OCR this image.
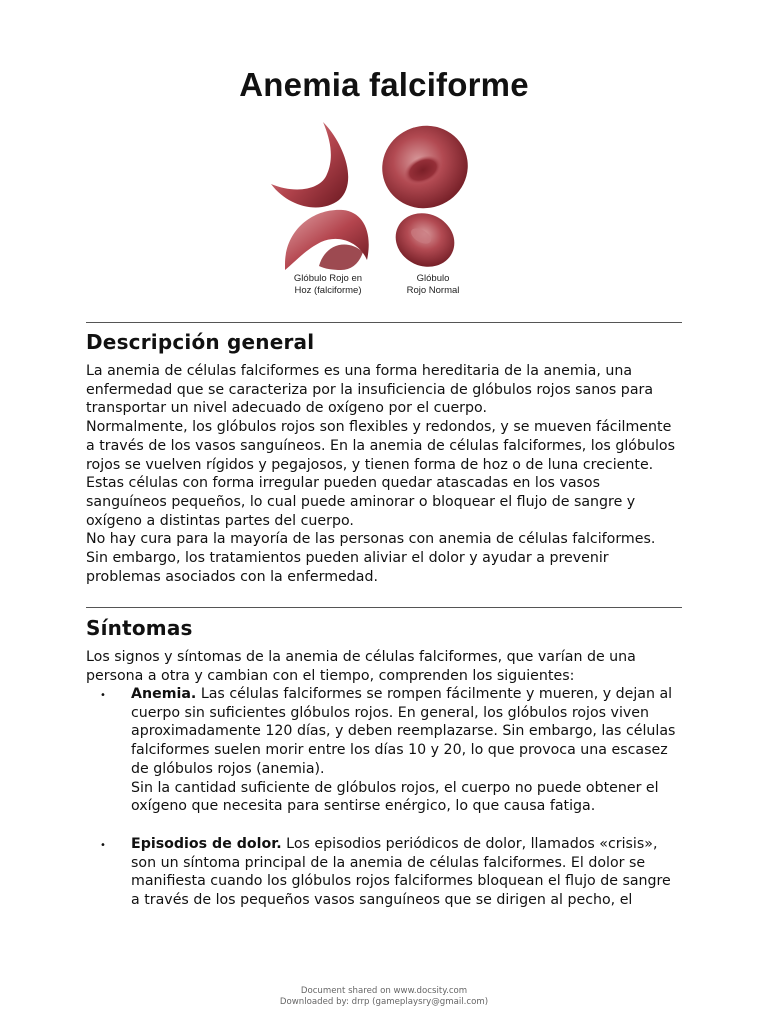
Anemia falciforme
Glóbulo Rojo en
Hoz (falciforme)
Glóbulo
Rojo Normal
Descripción general
La anemia de células falciformes es una forma hereditaria de la anemia, una
enfermedad que se caracteriza por la insuficiencia de glóbulos rojos sanos para
transportar un nivel adecuado de oxígeno por el cuerpo.
Normalmente, los glóbulos rojos son flexibles y redondos, y se mueven fácilmente
a través de los vasos sanguíneos. En la anemia de células falciformes, los glóbulos
rojos se vuelven rígidos y pegajosos, y tienen forma de hoz o de luna creciente.
Estas células con forma irregular pueden quedar atascadas en los vasos
sanguíneos pequeños, lo cual puede aminorar o bloquear el flujo de sangre y
oxígeno a distintas partes del cuerpo.
No hay cura para la mayoría de las personas con anemia de células falciformes.
Sin embargo, los tratamientos pueden aliviar el dolor y ayudar a prevenir
problemas asociados con la enfermedad.
Síntomas
Los signos y síntomas de la anemia de células falciformes, que varían de una
persona a otra y cambian con el tiempo, comprenden los siguientes:
• Anemia. Las células falciformes se rompen fácilmente y mueren, y dejan al
cuerpo sin suficientes glóbulos rojos. En general, los glóbulos rojos viven
aproximadamente 120 días, y deben reemplazarse. Sin embargo, las células
falciformes suelen morir entre los días 10 y 20, lo que provoca una escasez
de glóbulos rojos (anemia).
Sin la cantidad suficiente de glóbulos rojos, el cuerpo no puede obtener el
oxígeno que necesita para sentirse enérgico, lo que causa fatiga.
• Episodios de dolor. Los episodios periódicos de dolor, llamados «crisis»,
son un síntoma principal de la anemia de células falciformes. El dolor se
manifiesta cuando los glóbulos rojos falciformes bloquean el flujo de sangre
a través de los pequeños vasos sanguíneos que se dirigen al pecho, el
Document shared on www.docsity.com
Downloaded by: drrp (gameplaysry@gmail.com)
